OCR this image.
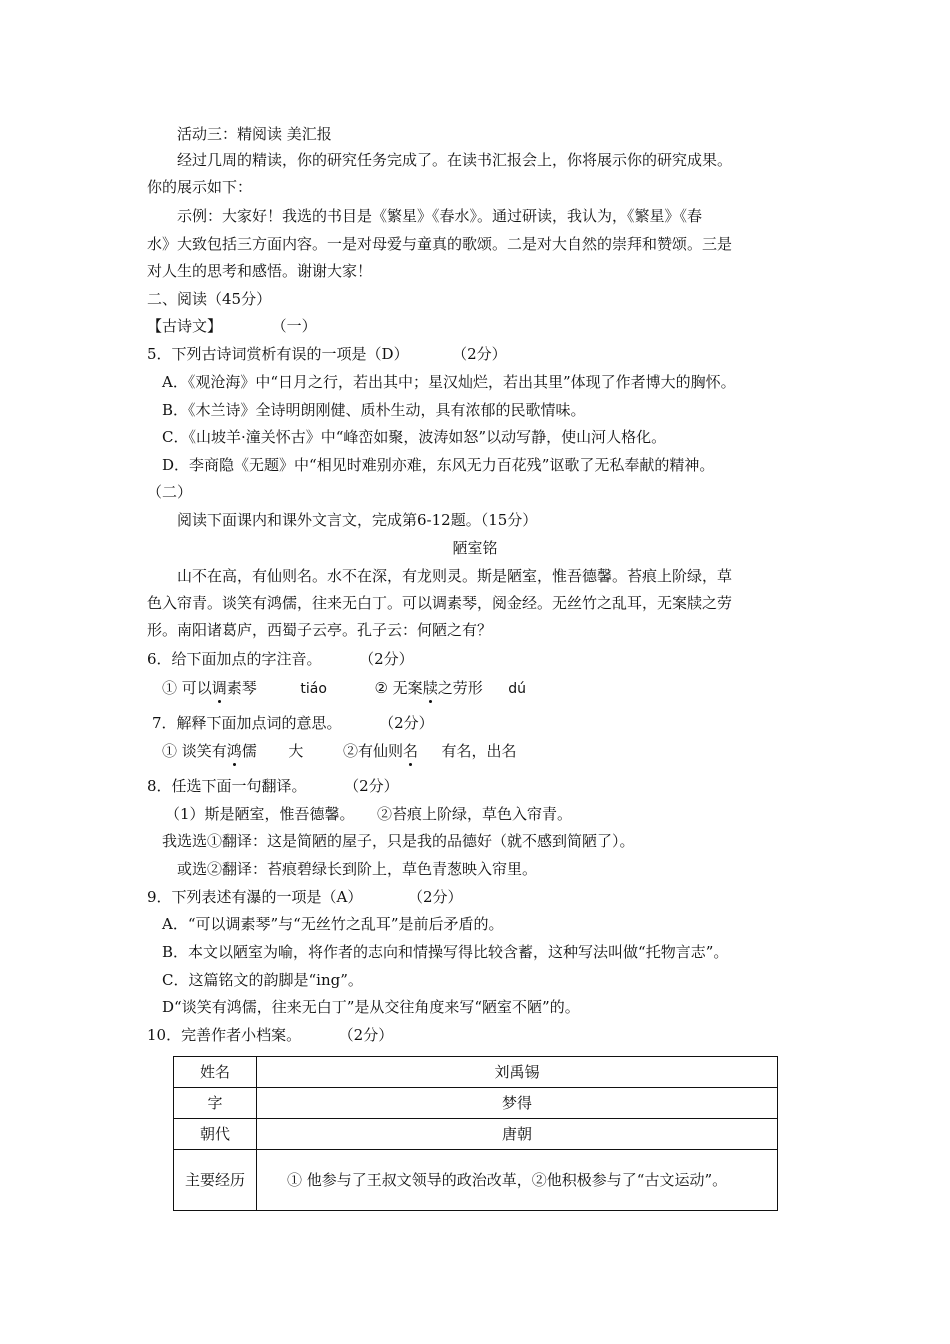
活动三：精阅读 美汇报
经过几周的精读，你的研究任务完成了。在读书汇报会上，你将展示你的研究成果。
你的展示如下：
示例：大家好！我选的书目是《繁星》《春水》。通过研读，我认为，《繁星》《春
水》大致包括三方面内容。一是对母爱与童真的歌颂。二是对大自然的崇拜和赞颂。三是
对人生的思考和感悟。谢谢大家！
二、阅读（45分）
【古诗文】	（一）
5．下列古诗词赏析有误的一项是（D）	（2分）
A．《观沧海》中“日月之行，若出其中；星汉灿烂，若出其里”体现了作者博大的胸怀。
B．《木兰诗》全诗明朗刚健、质朴生动，具有浓郁的民歌情味。
C．《山坡羊·潼关怀古》中“峰峦如聚，波涛如怒”以动写静，使山河人格化。
D．李商隐《无题》中“相见时难别亦难，东风无力百花残”讴歌了无私奉献的精神。
（二）
阅读下面课内和课外文言文，完成第6-12题。（15分）
陋室铭
山不在高，有仙则名。水不在深，有龙则灵。斯是陋室，惟吾德馨。苔痕上阶绿，草
色入帘青。谈笑有鸿儒，往来无白丁。可以调素琴，阅金经。无丝竹之乱耳，无案牍之劳
形。南阳诸葛庐，西蜀子云亭。孔子云：何陋之有？
6．给下面加点的字注音。	（2分）
① 可以调素琴	tiáo	② 无案牍之劳形 dú
7．解释下面加点词的意思。	（2分）
① 谈笑有鸿儒 大	②有仙则名 有名，出名
8．任选下面一句翻译。	（2分）
（1）斯是陋室，惟吾德馨。　　②苔痕上阶绿，草色入帘青。
我选选①翻译：这是简陋的屋子，只是我的品德好（就不感到简陋了）。
或选②翻译：苔痕碧绿长到阶上，草色青葱映入帘里。
9．下列表述有瀑的一项是（A）	（2分）
A．“可以调素琴”与“无丝竹之乱耳”是前后矛盾的。
B．本文以陋室为喻，将作者的志向和情操写得比较含蓄，这种写法叫做“托物言志”。
C．这篇铭文的韵脚是“ing”。
D“谈笑有鸿儒，往来无白丁”是从交往角度来写“陋室不陋”的。
10．完善作者小档案。	（2分）
姓名	刘禹锡
字	梦得
朝代	唐朝
主要经历	① 他参与了王叔文领导的政治改革，②他积极参与了“古文运动”。
